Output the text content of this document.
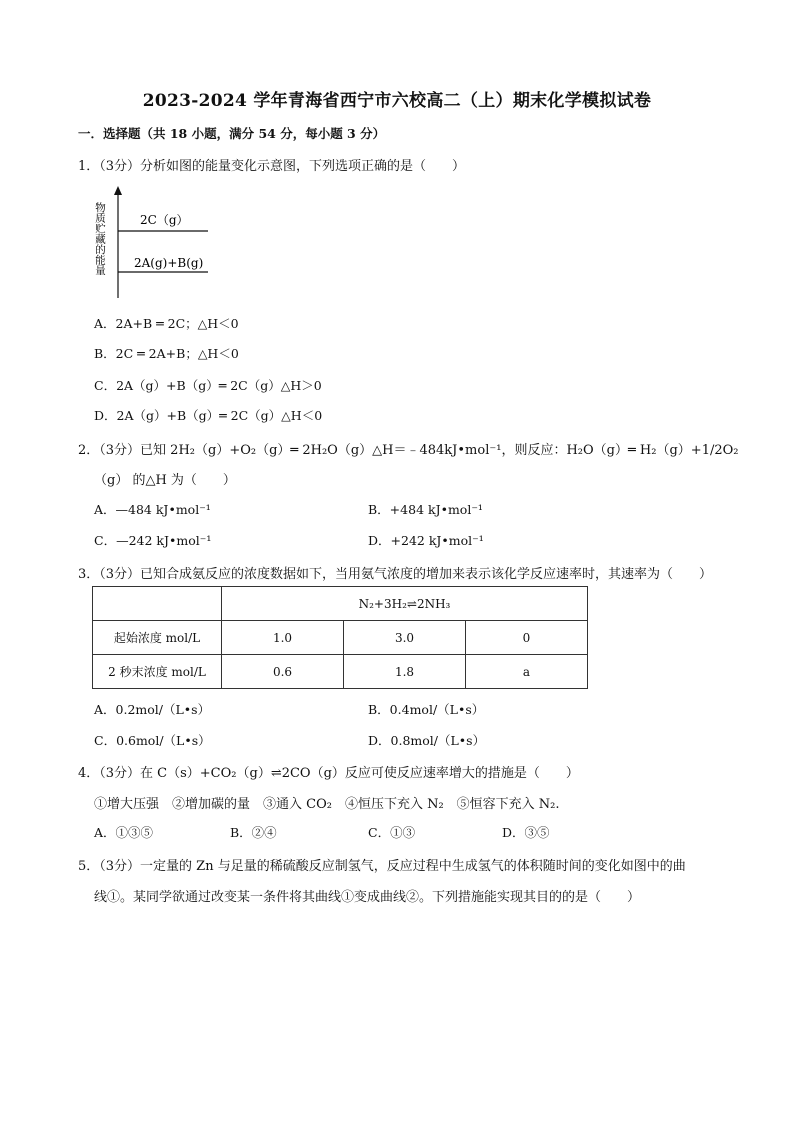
2023-2024 学年青海省西宁市六校高二（上）期末化学模拟试卷
一．选择题（共 18 小题，满分 54 分，每小题 3 分）
1．（3分）分析如图的能量变化示意图，下列选项正确的是（　　）
物质贮藏的能量	2C（g）
2A(g)+B(g)
A．2A+B ═ 2C；△H＜0
B．2C ═ 2A+B；△H＜0
C．2A（g）+B（g）═ 2C（g）△H＞0
D．2A（g）+B（g）═ 2C（g）△H＜0
2．（3分）已知 2H₂（g）+O₂（g）═ 2H₂O（g）△H＝﹣484kJ•mol⁻¹，则反应：H₂O（g）═ H₂（g）+1/2O₂
（g） 的△H 为（　　）
A．—484 kJ•mol⁻¹	B．+484 kJ•mol⁻¹
C．—242 kJ•mol⁻¹	D．+242 kJ•mol⁻¹
3．（3分）已知合成氨反应的浓度数据如下，当用氨气浓度的增加来表示该化学反应速率时，其速率为（　　）
	N₂+3H₂⇌2NH₃		
起始浓度 mol/L	1.0	3.0	0
2 秒末浓度 mol/L	0.6	1.8	a
A．0.2mol/（L•s）	B．0.4mol/（L•s）
C．0.6mol/（L•s）	D．0.8mol/（L•s）
4．（3分）在 C（s）+CO₂（g）⇌2CO（g）反应可使反应速率增大的措施是（　　）
①增大压强　②增加碳的量　③通入 CO₂　④恒压下充入 N₂　⑤恒容下充入 N₂.
A．①③⑤	B．②④	C．①③	D．③⑤
5．（3分）一定量的 Zn 与足量的稀硫酸反应制氢气，反应过程中生成氢气的体积随时间的变化如图中的曲
线①。某同学欲通过改变某一条件将其曲线①变成曲线②。下列措施能实现其目的的是（　　）
